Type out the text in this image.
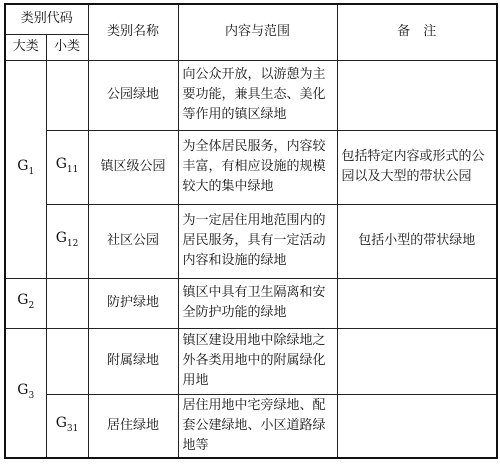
类别代码		类别名称	内容与范围	备　注
大类	小类			
$G_1$		公园绿地	向公众开放，以游憩为主要功能，兼具生态、美化等作用的镇区绿地	
	$G_{11}$	镇区级公园	为全体居民服务，内容较丰富，有相应设施的规模较大的集中绿地	包括特定内容或形式的公园以及大型的带状公园
	$G_{12}$	社区公园	为一定居住用地范围内的居民服务，具有一定活动内容和设施的绿地	包括小型的带状绿地
$G_2$		防护绿地	镇区中具有卫生隔离和安全防护功能的绿地	
$G_3$		附属绿地	镇区建设用地中除绿地之外各类用地中的附属绿化用地	
	$G_{31}$	居住绿地	居住用地中宅旁绿地、配套公建绿地、小区道路绿地等	
